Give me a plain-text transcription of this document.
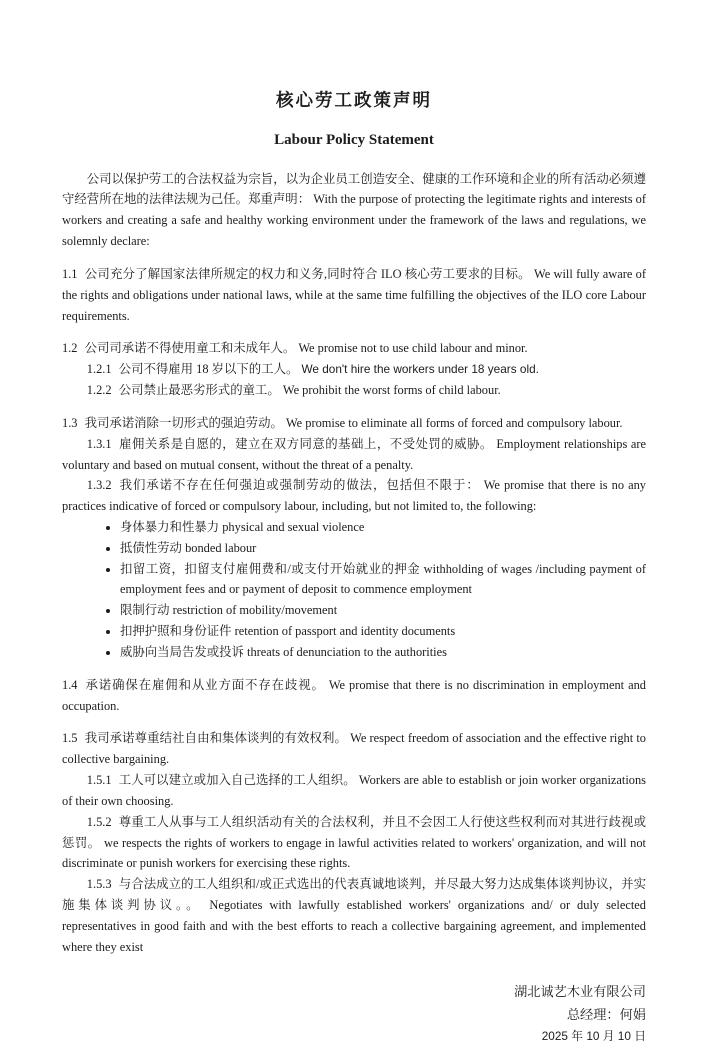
核心劳工政策声明
Labour Policy Statement

公司以保护劳工的合法权益为宗旨，以为企业员工创造安全、健康的工作环境和企业的所有活动必须遵守经营所在地的法律法规为己任。郑重声明： With the purpose of protecting the legitimate rights and interests of workers and creating a safe and healthy working environment under the framework of the laws and regulations, we solemnly declare:

1.1 公司充分了解国家法律所规定的权力和义务,同时符合 ILO 核心劳工要求的目标。 We will fully aware of the rights and obligations under national laws, while at the same time fulfilling the objectives of the ILO core Labour requirements.

1.2 公司司承诺不得使用童工和未成年人。 We promise not to use child labour and minor.

1.2.1 公司不得雇用 18 岁以下的工人。 We don't hire the workers under 18 years old.

1.2.2 公司禁止最恶劣形式的童工。 We prohibit the worst forms of child labour.

1.3 我司承诺消除一切形式的强迫劳动。 We promise to eliminate all forms of forced and compulsory labour.

1.3.1 雇佣关系是自愿的，建立在双方同意的基础上，不受处罚的威胁。 Employment relationships are voluntary and based on mutual consent, without the threat of a penalty.

1.3.2 我们承诺不存在任何强迫或强制劳动的做法，包括但不限于： We promise that there is no any practices indicative of forced or compulsory labour, including, but not limited to, the following:

• 身体暴力和性暴力 physical and sexual violence
• 抵债性劳动 bonded labour
• 扣留工资，扣留支付雇佣费和/或支付开始就业的押金 withholding of wages /including payment of employment fees and or payment of deposit to commence employment
• 限制行动 restriction of mobility/movement
• 扣押护照和身份证件 retention of passport and identity documents
• 威胁向当局告发或投诉 threats of denunciation to the authorities

1.4 承诺确保在雇佣和从业方面不存在歧视。 We promise that there is no discrimination in employment and occupation.

1.5 我司承诺尊重结社自由和集体谈判的有效权利。 We respect freedom of association and the effective right to collective bargaining.

1.5.1 工人可以建立或加入自己选择的工人组织。 Workers are able to establish or join worker organizations of their own choosing.

1.5.2 尊重工人从事与工人组织活动有关的合法权利，并且不会因工人行使这些权利而对其进行歧视或惩罚。 we respects the rights of workers to engage in lawful activities related to workers' organization, and will not discriminate or punish workers for exercising these rights.

1.5.3 与合法成立的工人组织和/或正式选出的代表真诚地谈判，并尽最大努力达成集体谈判协议，并实施集体谈判协议。。 Negotiates with lawfully established workers' organizations and/ or duly selected representatives in good faith and with the best efforts to reach a collective bargaining agreement, and implemented where they exist

湖北诚艺木业有限公司

总经理：何娟

2025 年 10 月 10 日
